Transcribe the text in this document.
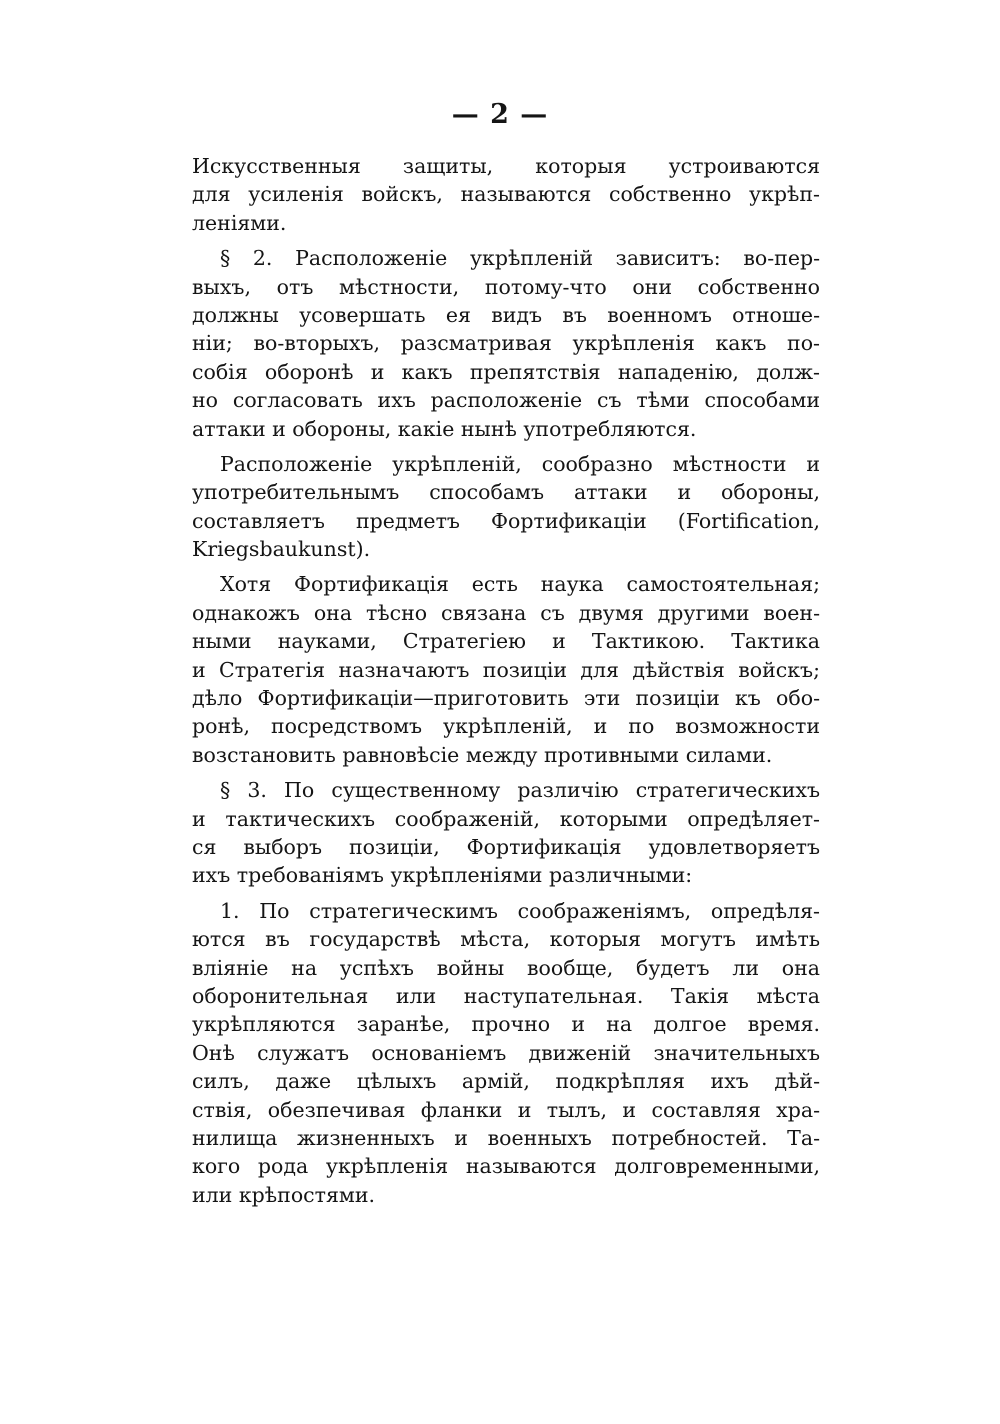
— 2 —
Искусственныя защиты, которыя устроиваются
для усиленія войскъ, называются собственно укрѣп-
леніями.
§ 2. Расположеніе укрѣпленій зависитъ: во-пер-
выхъ, отъ мѣстности, потому-что они собственно
должны усовершать ея видъ въ военномъ отноше-
ніи; во-вторыхъ, разсматривая укрѣпленія какъ по-
собія оборонѣ и какъ препятствія нападенію, долж-
но согласовать ихъ расположеніе съ тѣми способами
аттаки и обороны, какіе нынѣ употребляются.
Расположеніе укрѣпленій, сообразно мѣстности и
употребительнымъ способамъ аттаки и обороны,
составляетъ предметъ Фортификаціи (Fortification,
Kriegsbaukunst).
Хотя Фортификація есть наука самостоятельная;
однакожъ она тѣсно связана съ двумя другими воен-
ными науками, Стратегіею и Тактикою. Тактика
и Стратегія назначаютъ позиціи для дѣйствія войскъ;
дѣло Фортификаціи—приготовить эти позиціи къ обо-
ронѣ, посредствомъ укрѣпленій, и по возможности
возстановить равновѣсіе между противными силами.
§ 3. По существенному различію стратегическихъ
и тактическихъ соображеній, которыми опредѣляет-
ся выборъ позиціи, Фортификація удовлетворяетъ
ихъ требованіямъ укрѣпленіями различными:
1. По стратегическимъ соображеніямъ, опредѣля-
ются въ государствѣ мѣста, которыя могутъ имѣть
вліяніе на успѣхъ войны вообще, будетъ ли она
оборонительная или наступательная. Такія мѣста
укрѣпляются заранѣе, прочно и на долгое время.
Онѣ служатъ основаніемъ движеній значительныхъ
силъ, даже цѣлыхъ армій, подкрѣпляя ихъ дѣй-
ствія, обезпечивая фланки и тылъ, и составляя хра-
нилища жизненныхъ и военныхъ потребностей. Та-
кого рода укрѣпленія называются долговременными,
или крѣпостями.
